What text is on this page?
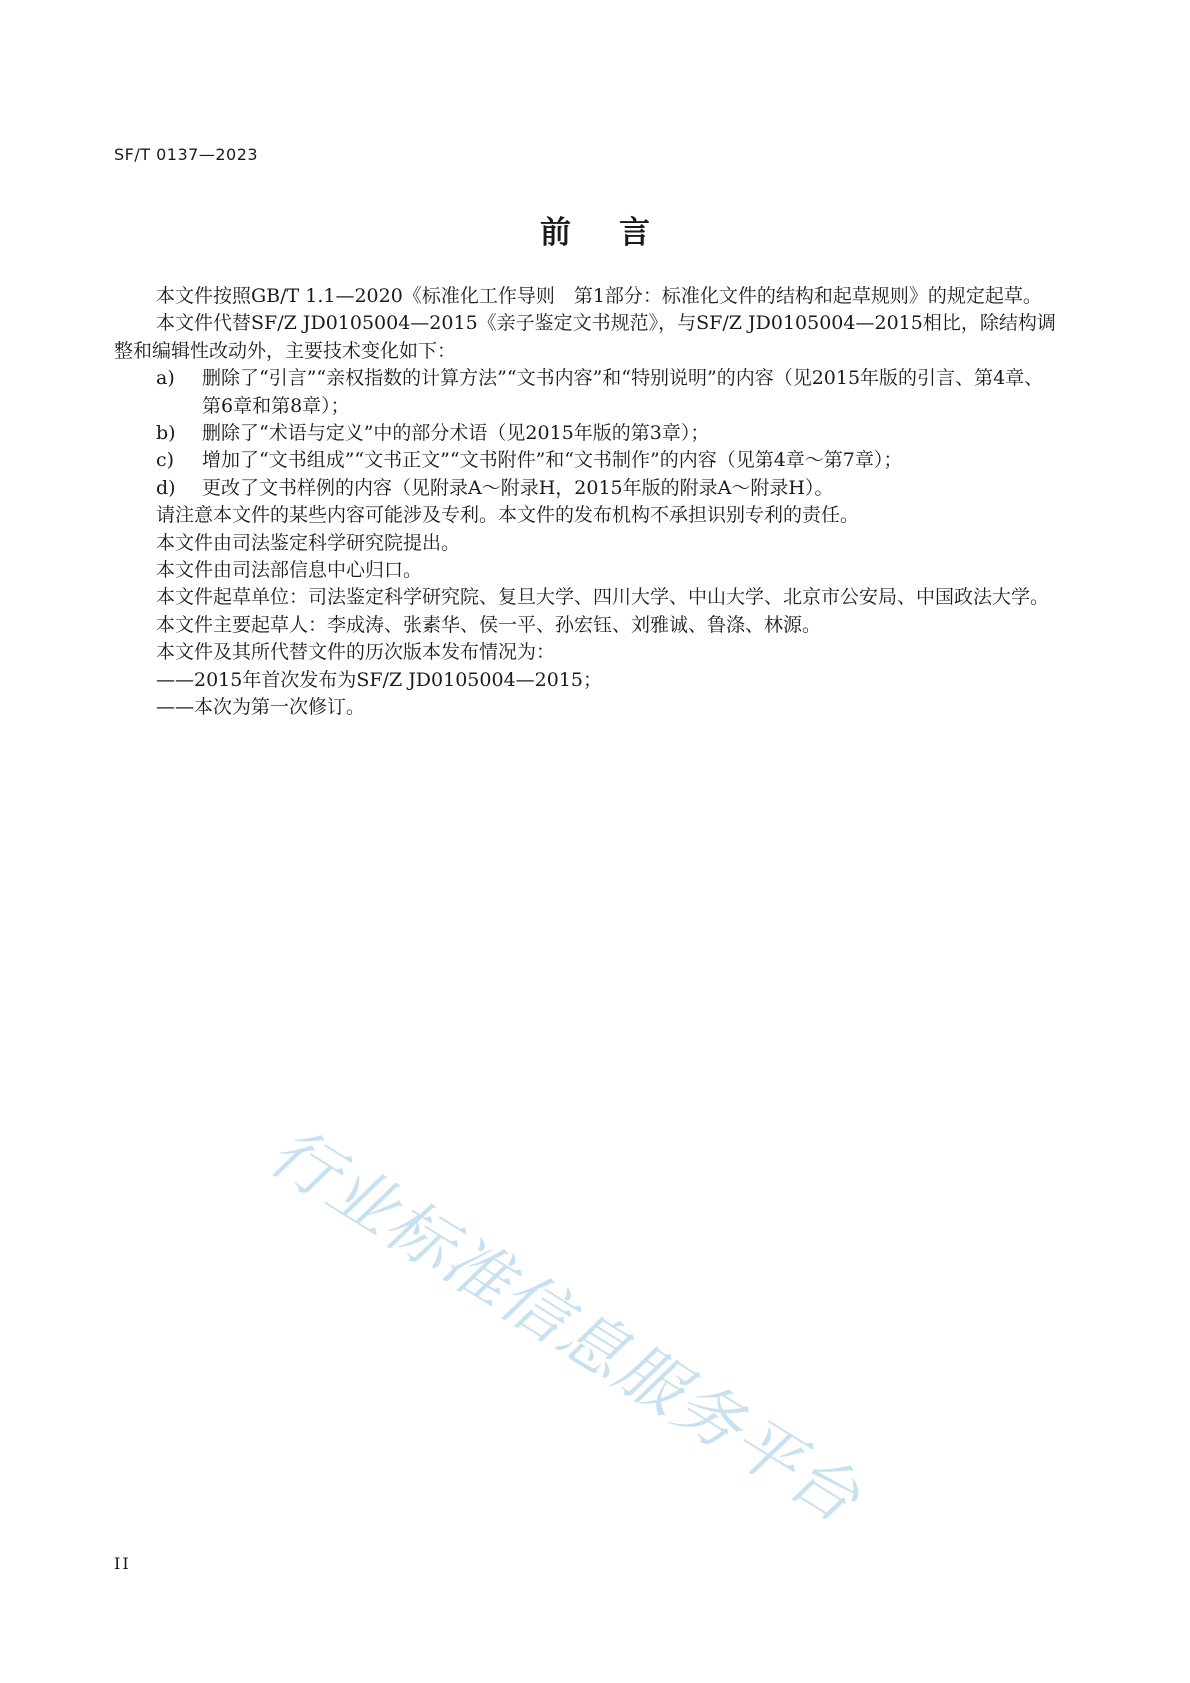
SF/T 0137—2023
前言

本文件按照GB/T 1.1—2020《标准化工作导则　第1部分：标准化文件的结构和起草规则》的规定起草。

本文件代替SF/Z JD0105004—2015《亲子鉴定文书规范》，与SF/Z JD0105004—2015相比，除结构调整和编辑性改动外，主要技术变化如下：

a) 删除了“引言”“亲权指数的计算方法”“文书内容”和“特别说明”的内容（见2015年版的引言、第4章、第6章和第8章）；
b) 删除了“术语与定义”中的部分术语（见2015年版的第3章）；
c) 增加了“文书组成”“文书正文”“文书附件”和“文书制作”的内容（见第4章～第7章）；
d) 更改了文书样例的内容（见附录A～附录H，2015年版的附录A～附录H）。

请注意本文件的某些内容可能涉及专利。本文件的发布机构不承担识别专利的责任。

本文件由司法鉴定科学研究院提出。

本文件由司法部信息中心归口。

本文件起草单位：司法鉴定科学研究院、复旦大学、四川大学、中山大学、北京市公安局、中国政法大学。

本文件主要起草人：李成涛、张素华、侯一平、孙宏钰、刘雅诚、鲁涤、林源。

本文件及其所代替文件的历次版本发布情况为：

——2015年首次发布为SF/Z JD0105004—2015；

——本次为第一次修订。

行业标准信息服务平台
II
